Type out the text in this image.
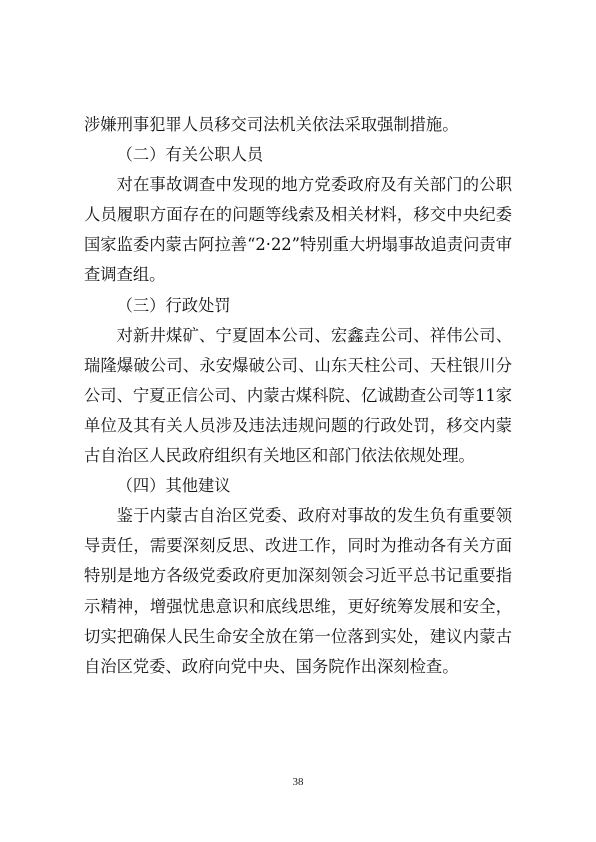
涉嫌刑事犯罪人员移交司法机关依法采取强制措施。

（二）有关公职人员

对在事故调查中发现的地方党委政府及有关部门的公职人员履职方面存在的问题等线索及相关材料，移交中央纪委国家监委内蒙古阿拉善“2·22”特别重大坍塌事故追责问责审查调查组。

（三）行政处罚

对新井煤矿、宁夏固本公司、宏鑫垚公司、祥伟公司、瑞隆爆破公司、永安爆破公司、山东天柱公司、天柱银川分公司、宁夏正信公司、内蒙古煤科院、亿诚勘查公司等11家单位及其有关人员涉及违法违规问题的行政处罚，移交内蒙古自治区人民政府组织有关地区和部门依法依规处理。

（四）其他建议

鉴于内蒙古自治区党委、政府对事故的发生负有重要领导责任，需要深刻反思、改进工作，同时为推动各有关方面特别是地方各级党委政府更加深刻领会习近平总书记重要指示精神，增强忧患意识和底线思维，更好统筹发展和安全，切实把确保人民生命安全放在第一位落到实处，建议内蒙古自治区党委、政府向党中央、国务院作出深刻检查。

38
